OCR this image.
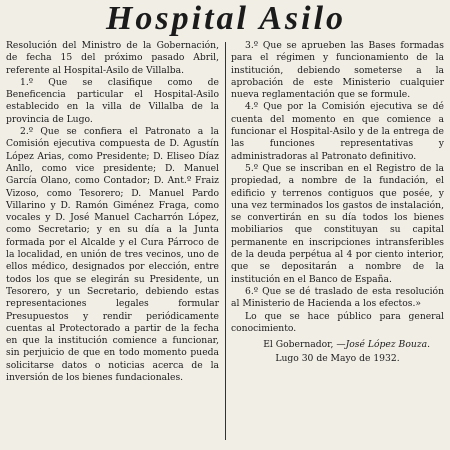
Hospital Asilo

Resolución del Ministro de la Gobernación, de fecha 15 del próximo pasado Abril, referente al Hospital-Asilo de Villalba.

1.º Que se clasifique como de Beneficencia particular el Hospital-Asilo establecido en la villa de Villalba de la provincia de Lugo.

2.º Que se confiera el Patronato a la Comisión ejecutiva compuesta de D. Agustín López Arias, como Presidente; D. Eliseo Díaz Anllo, como vice presidente; D. Manuel García Olano, como Contador; D. Ant.º Fraiz Vizoso, como Tesorero; D. Manuel Pardo Villarino y D. Ramón Giménez Fraga, como vocales y D. José Manuel Cacharrón López, como Secretario; y en su día a la Junta formada por el Alcalde y el Cura Párroco de la localidad, en unión de tres vecinos, uno de ellos médico, designados por elección, entre todos los que se elegirán su Presidente, un Tesorero, y un Secretario, debiendo estas representaciones legales formular Presupuestos y rendir periódicamente cuentas al Protectorado a partir de la fecha en que la institución comience a funcionar, sin perjuicio de que en todo momento pueda solicitarse datos o noticias acerca de la inversión de los bienes fundacionales.

3.º Que se aprueben las Bases formadas para el régimen y funcionamiento de la institución, debiendo someterse a la aprobación de este Ministerio cualquier nueva reglamentación que se formule.

4.º Que por la Comisión ejecutiva se dé cuenta del momento en que comience a funcionar el Hospital-Asilo y de la entrega de las funciones representativas y administradoras al Patronato definitivo.

5.º Que se inscriban en el Registro de la propiedad, a nombre de la fundación, el edificio y terrenos contiguos que posée, y una vez terminados los gastos de instalación, se convertirán en su día todos los bienes mobiliarios que constituyan su capital permanente en inscripciones intransferibles de la deuda perpétua al 4 por ciento interior, que se depositarán a nombre de la institución en el Banco de España.

6.º Que se dé traslado de esta resolución al Ministerio de Hacienda a los efectos.»

Lo que se hace público para general conocimiento.

El Gobernador, —José López Bouza.
Lugo 30 de Mayo de 1932.
